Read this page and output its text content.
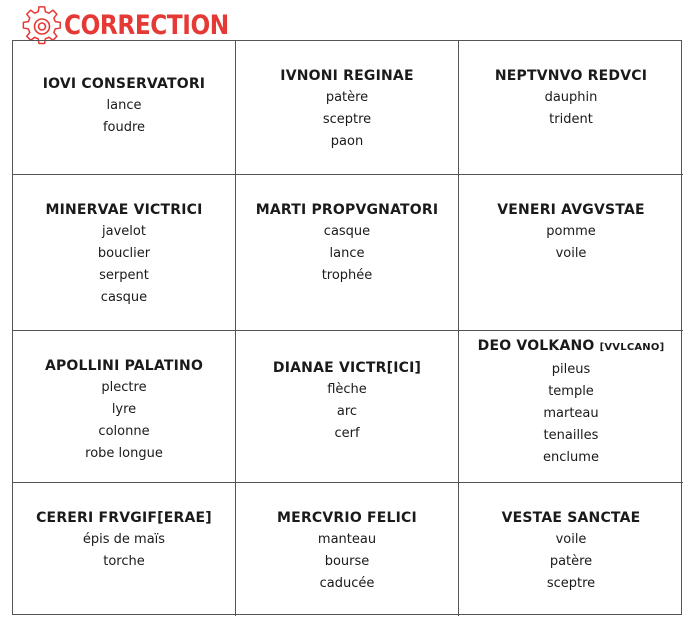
CORRECTION
IOVI CONSERVATORI
lance
foudre
IVNONI REGINAE
patère
sceptre
paon
NEPTVNVO REDVCI
dauphin
trident
MINERVAE VICTRICI
javelot
bouclier
serpent
casque
MARTI PROPVGNATORI
casque
lance
trophée
VENERI AVGVSTAE
pomme
voile
APOLLINI PALATINO
plectre
lyre
colonne
robe longue
DIANAE VICTR[ICI]
flèche
arc
cerf
DEO VOLKANO [VVLCANO]
pileus
temple
marteau
tenailles
enclume
CERERI FRVGIF[ERAE]
épis de maïs
torche
MERCVRIO FELICI
manteau
bourse
caducée
VESTAE SANCTAE
voile
patère
sceptre
